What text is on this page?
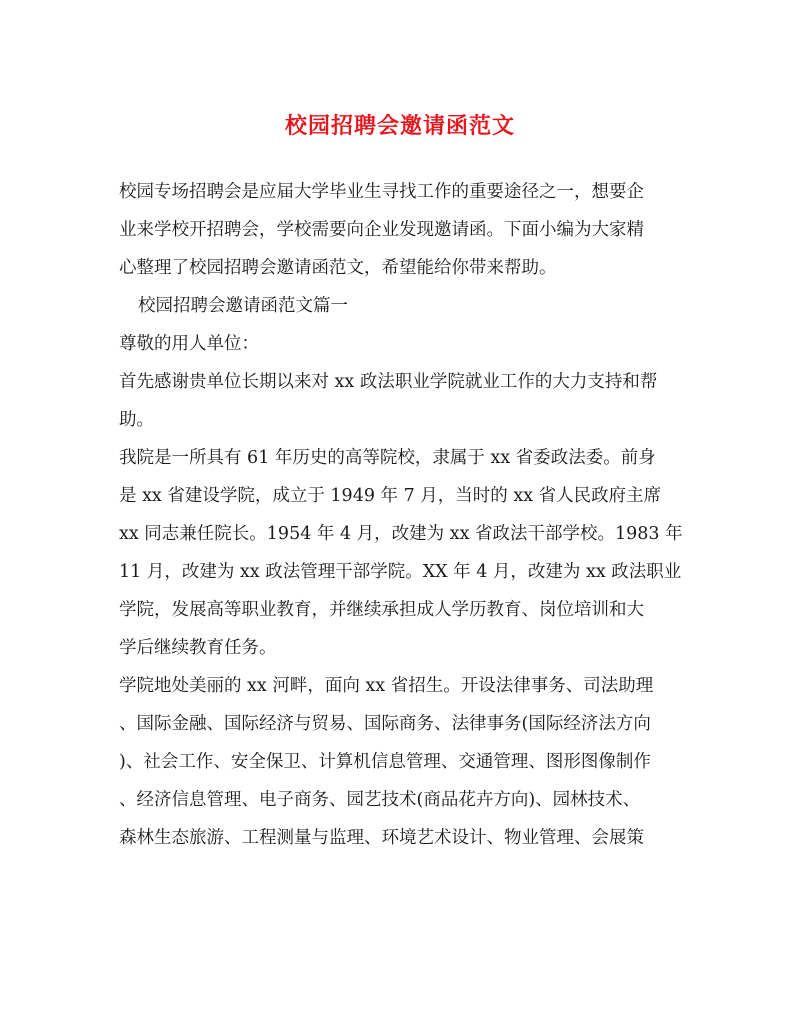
校园招聘会邀请函范文

校园专场招聘会是应届大学毕业生寻找工作的重要途径之一，想要企

业来学校开招聘会，学校需要向企业发现邀请函。下面小编为大家精

心整理了校园招聘会邀请函范文，希望能给你带来帮助。

校园招聘会邀请函范文篇一

尊敬的用人单位：

首先感谢贵单位长期以来对 xx 政法职业学院就业工作的大力支持和帮

助。

我院是一所具有 61 年历史的高等院校，隶属于 xx 省委政法委。前身

是 xx 省建设学院，成立于 1949 年 7 月，当时的 xx 省人民政府主席

xx 同志兼任院长。1954 年 4 月，改建为 xx 省政法干部学校。1983 年

11 月，改建为 xx 政法管理干部学院。XX 年 4 月，改建为 xx 政法职业

学院，发展高等职业教育，并继续承担成人学历教育、岗位培训和大

学后继续教育任务。

学院地处美丽的 xx 河畔，面向 xx 省招生。开设法律事务、司法助理

、国际金融、国际经济与贸易、国际商务、法律事务(国际经济法方向

)、社会工作、安全保卫、计算机信息管理、交通管理、图形图像制作

、经济信息管理、电子商务、园艺技术(商品花卉方向)、园林技术、

森林生态旅游、工程测量与监理、环境艺术设计、物业管理、会展策
